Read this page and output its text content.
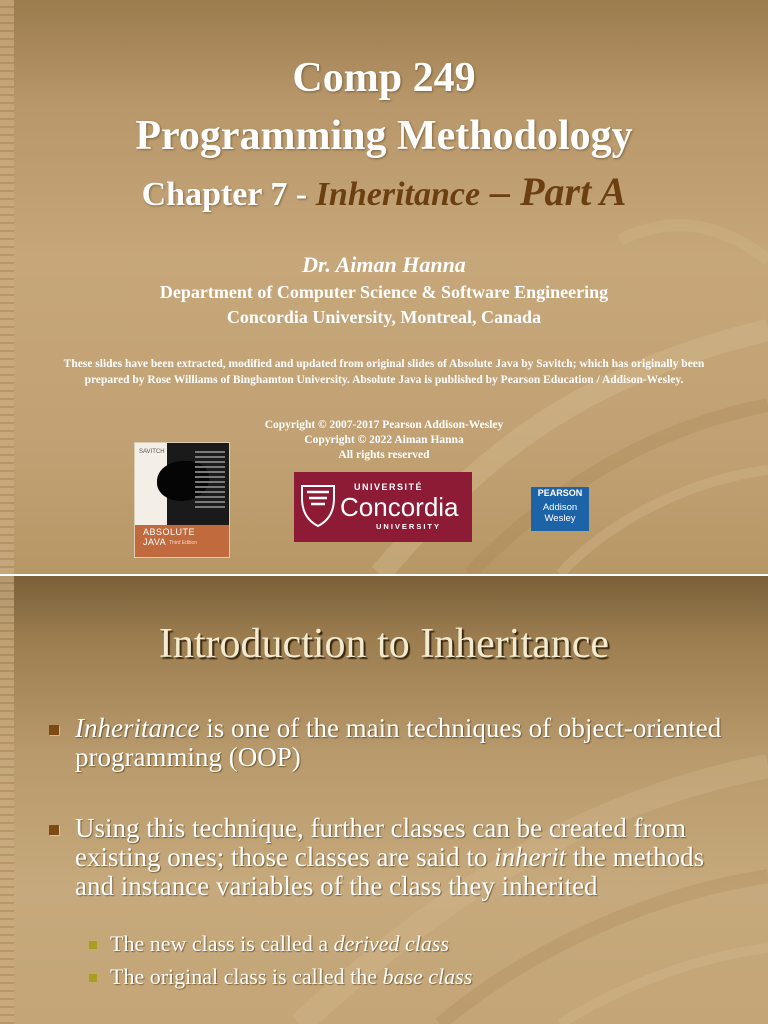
Comp 249
Programming Methodology
Chapter 7 - Inheritance – Part A
Dr. Aiman Hanna
Department of Computer Science & Software Engineering
Concordia University, Montreal, Canada
These slides have been extracted, modified and updated from original slides of Absolute Java by Savitch; which has originally been prepared by Rose Williams of Binghamton University. Absolute Java is published by Pearson Education / Addison-Wesley.
Copyright © 2007-2017 Pearson Addison-Wesley
Copyright © 2022 Aiman Hanna
All rights reserved
SAVITCH
ABSOLUTE
JAVA Third Edition
UNIVERSITÉ
Concordia
UNIVERSITY
PEARSON
Addison
Wesley
Introduction to Inheritance
Inheritance is one of the main techniques of object-oriented programming (OOP)
Using this technique, further classes can be created from existing ones; those classes are said to inherit the methods and instance variables of the class they inherited
The new class is called a derived class
The original class is called the base class
